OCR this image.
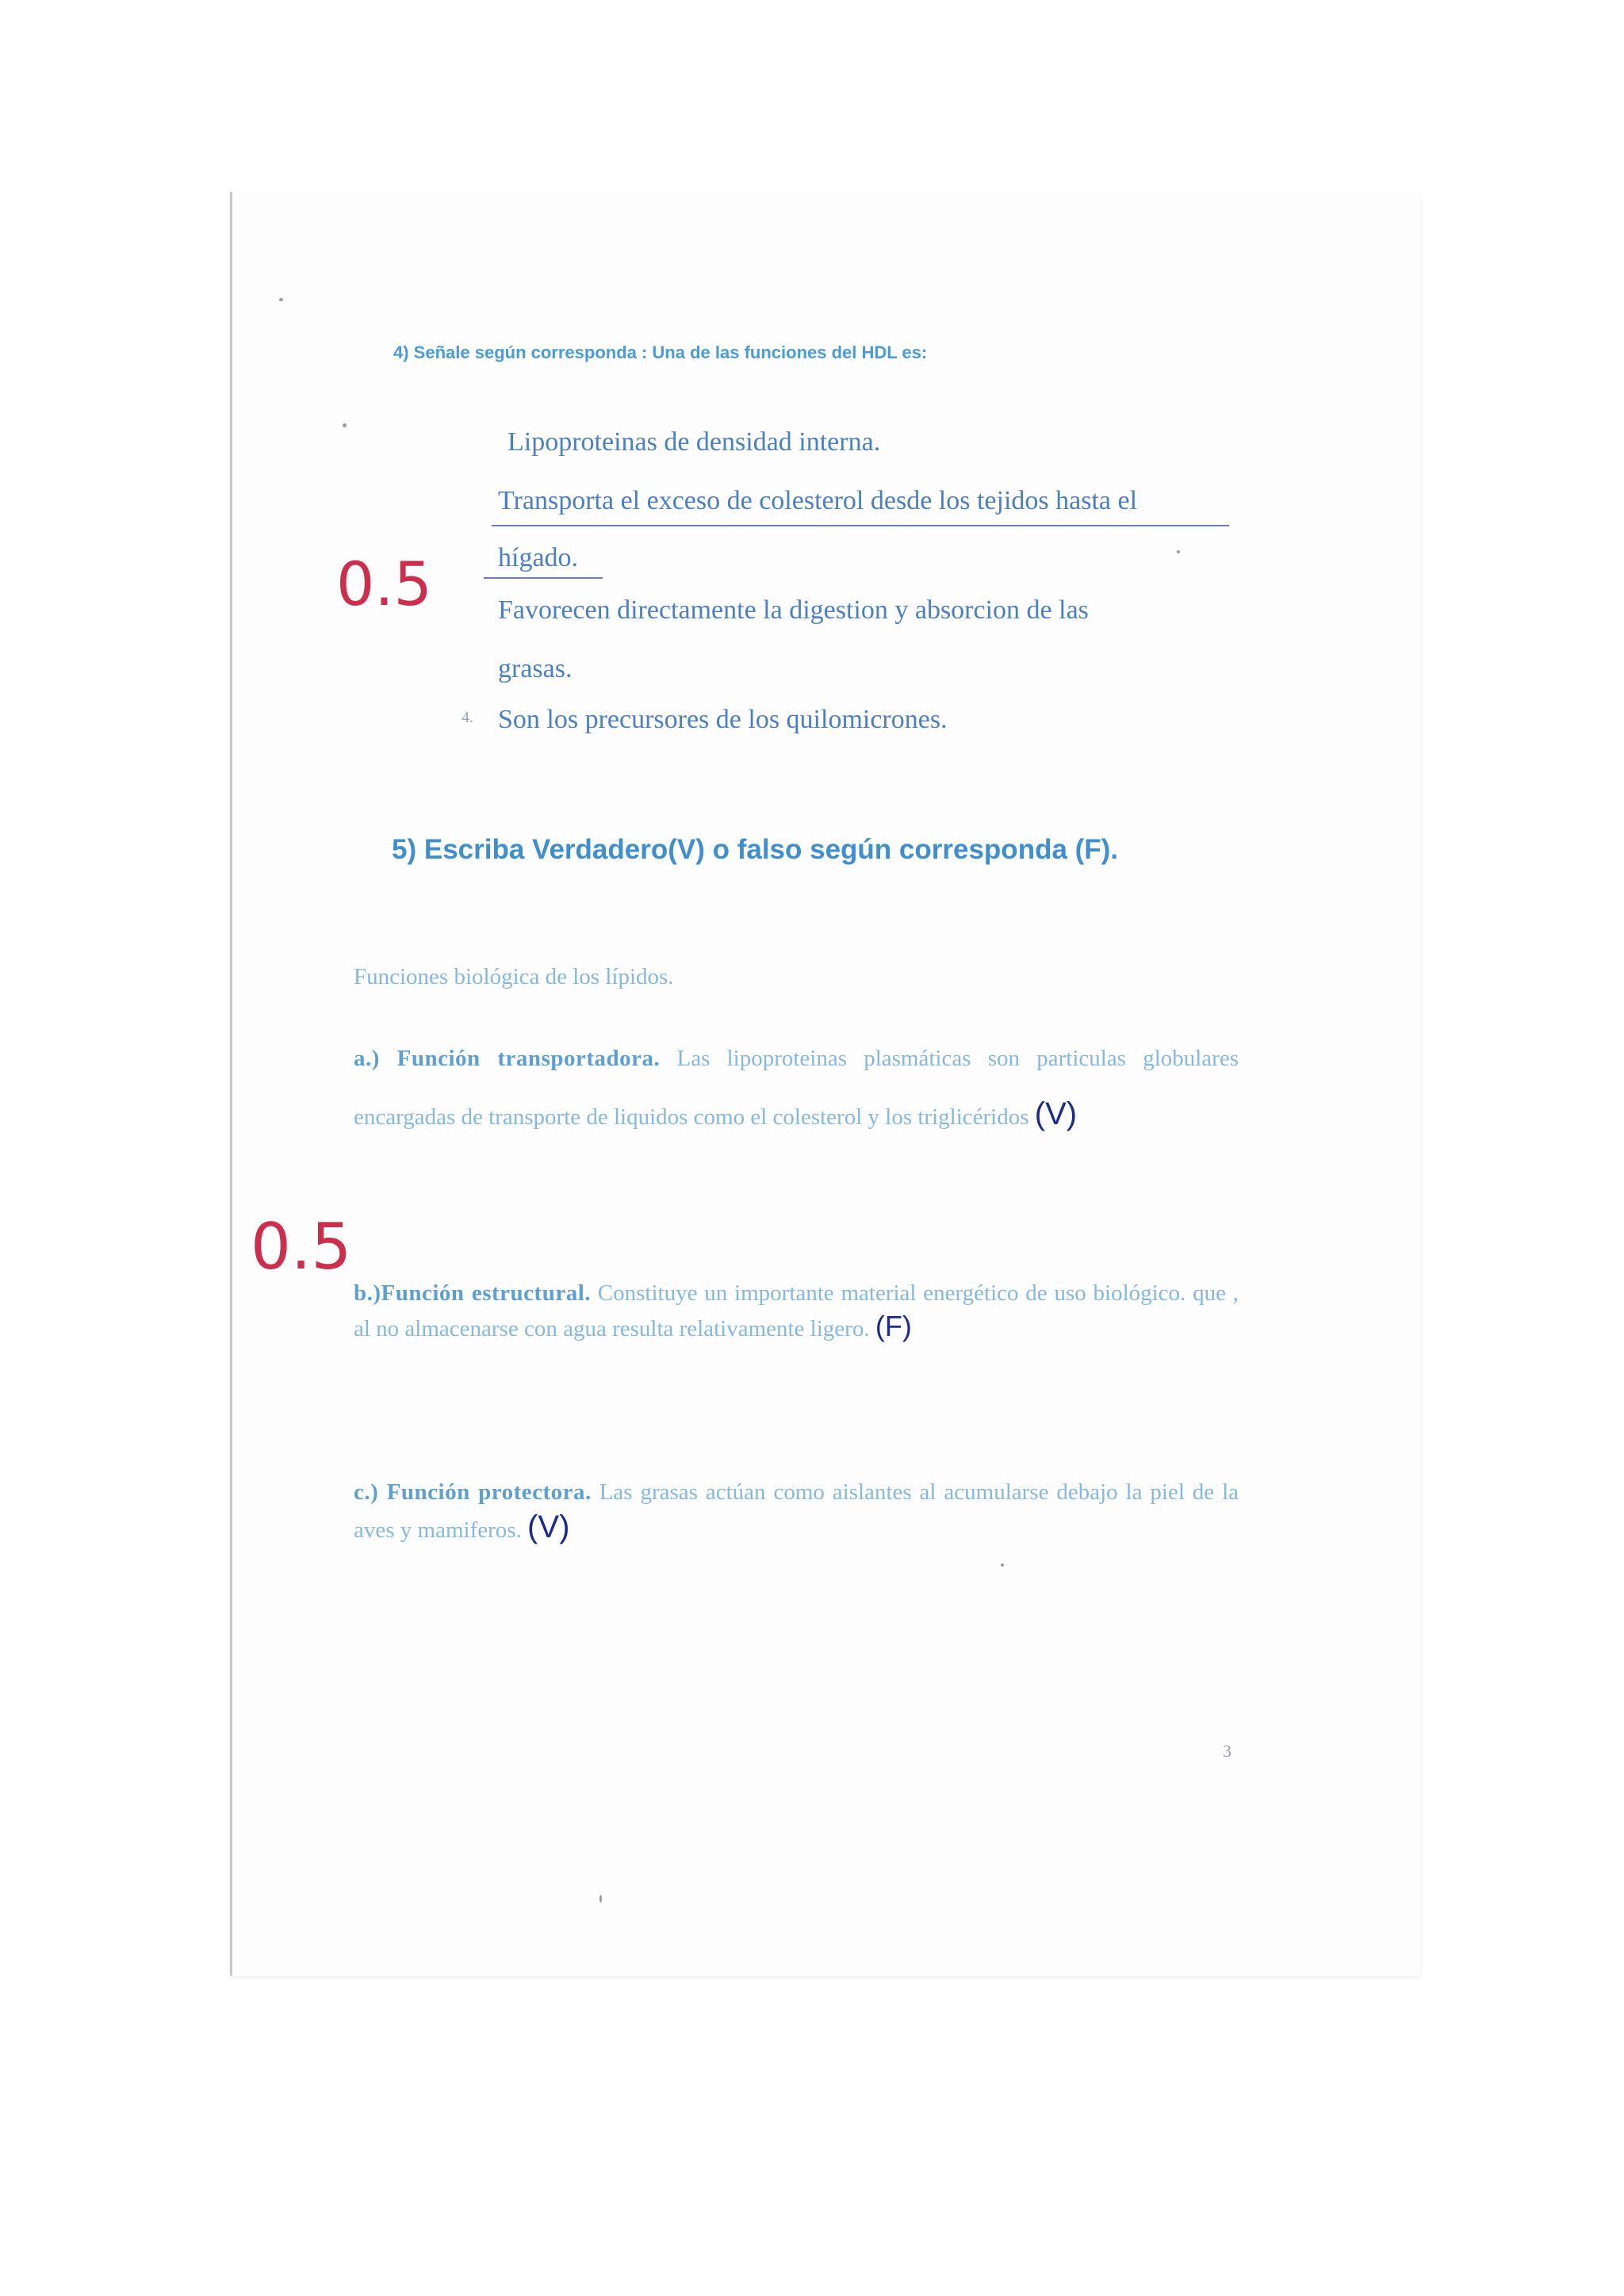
4) Señale según corresponda : Una de las funciones del HDL es:
Lipoproteinas de densidad interna.
Transporta el exceso de colesterol desde los tejidos hasta el
hígado.
Favorecen directamente la digestion y absorcion de las
grasas.
4. Son los precursores de los quilomicrones.
0.5
5) Escriba Verdadero(V) o falso según corresponda (F).
Funciones biológica de los lípidos.
a.) Función transportadora. Las lipoproteinas plasmáticas son particulas globulares encargadas de transporte de liquidos como el colesterol y los triglicéridos (V)
0.5
b.)Función estructural. Constituye un importante material energético de uso biológico. que , al no almacenarse con agua resulta relativamente ligero. (F)
c.) Función protectora. Las grasas actúan como aislantes al acumularse debajo la piel de la aves y mamiferos. (V)
3
